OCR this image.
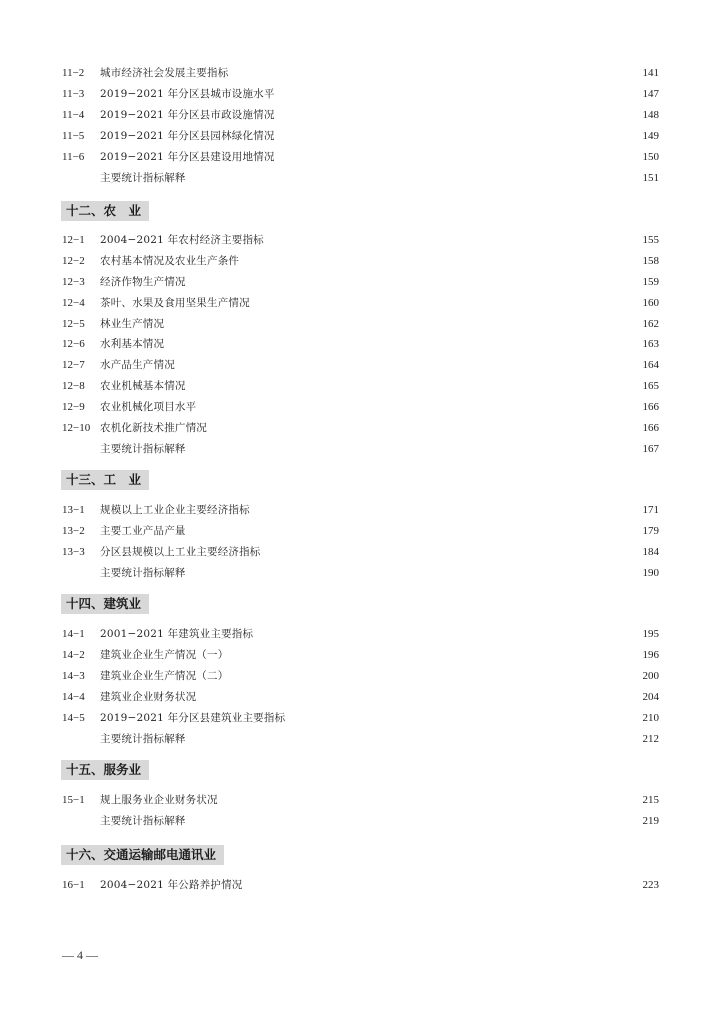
11−2	城市经济社会发展主要指标	141
11−3	2019−2021 年分区县城市设施水平	147
11−4	2019−2021 年分区县市政设施情况	148
11−5	2019−2021 年分区县园林绿化情况	149
11−6	2019−2021 年分区县建设用地情况	150
主要统计指标解释	151
十二、农　业
12−1	2004−2021 年农村经济主要指标	155
12−2	农村基本情况及农业生产条件	158
12−3	经济作物生产情况	159
12−4	茶叶、水果及食用坚果生产情况	160
12−5	林业生产情况	162
12−6	水利基本情况	163
12−7	水产品生产情况	164
12−8	农业机械基本情况	165
12−9	农业机械化项目水平	166
12−10 农机化新技术推广情况	166
主要统计指标解释	167
十三、工　业
13−1	规模以上工业企业主要经济指标	171
13−2	主要工业产品产量	179
13−3	分区县规模以上工业主要经济指标	184
主要统计指标解释	190
十四、建筑业
14−1	2001−2021 年建筑业主要指标	195
14−2	建筑业企业生产情况（一）	196
14−3	建筑业企业生产情况（二）	200
14−4	建筑业企业财务状况	204
14−5	2019−2021 年分区县建筑业主要指标	210
主要统计指标解释	212
十五、服务业
15−1	规上服务业企业财务状况	215
主要统计指标解释	219
十六、交通运输邮电通讯业
16−1	2004−2021 年公路养护情况	223
— 4 —
